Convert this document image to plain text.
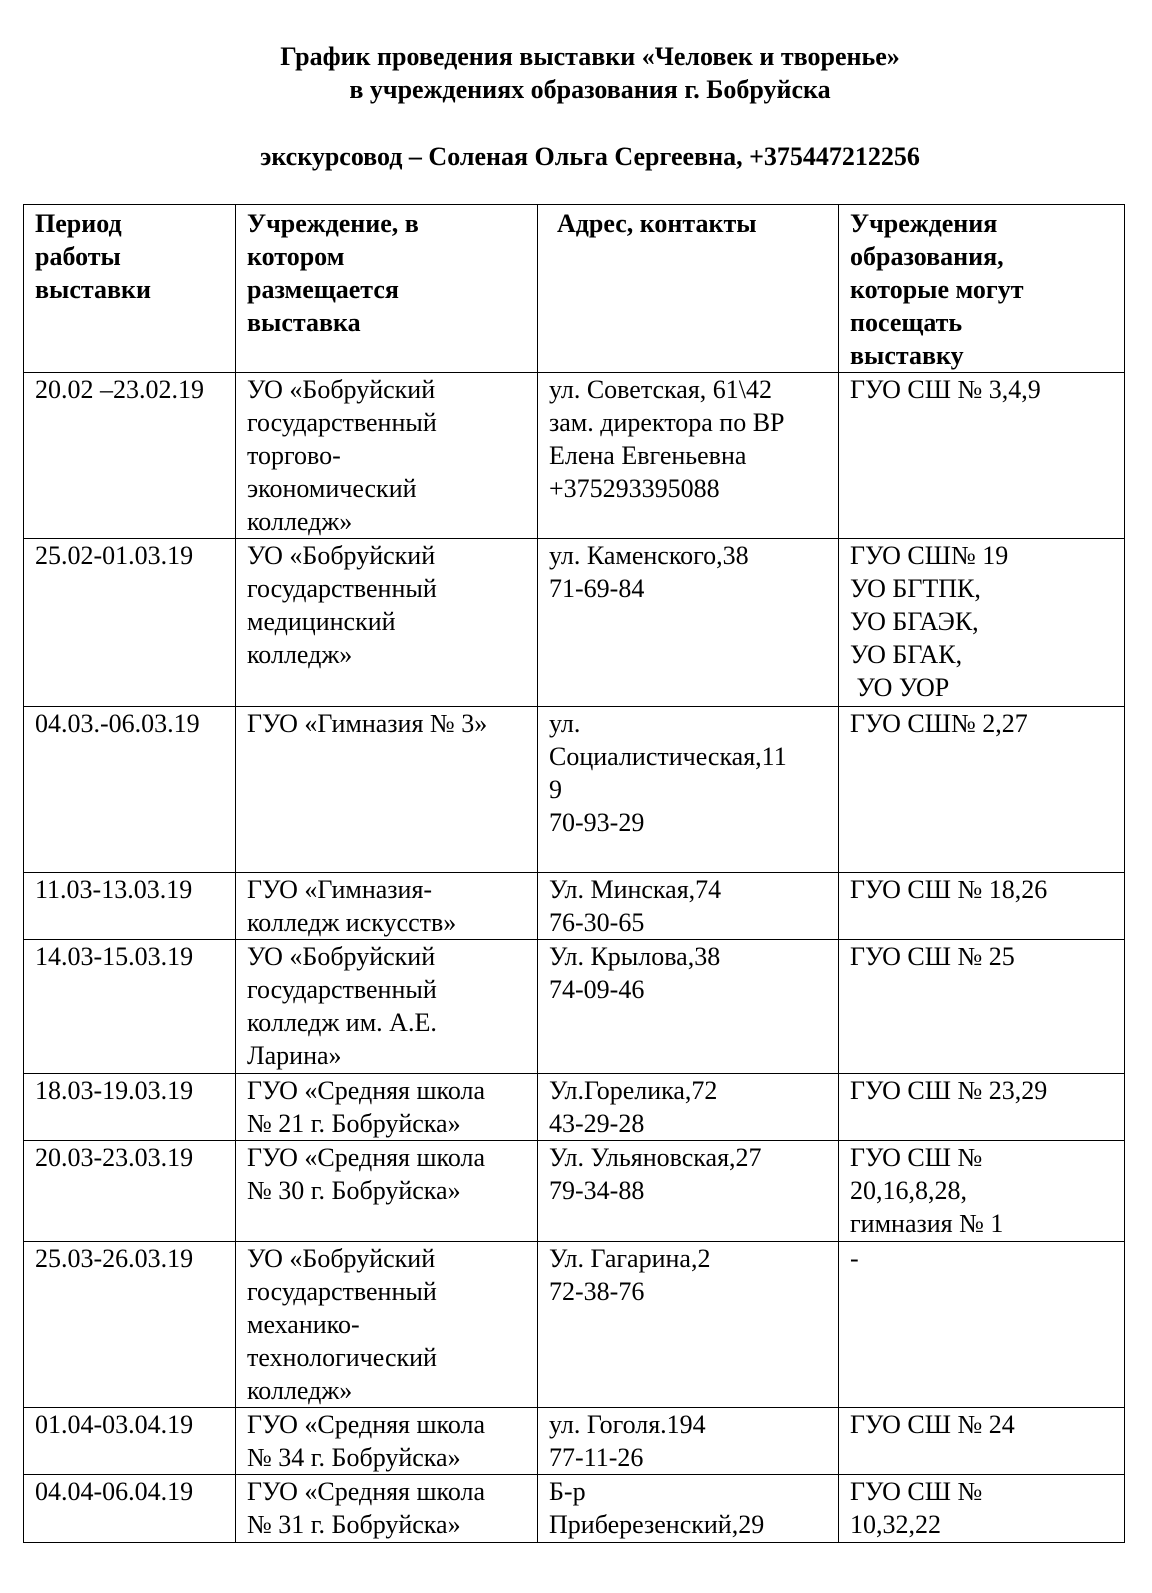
График проведения выставки «Человек и творенье»
в учреждениях образования г. Бобруйска
экскурсовод – Соленая Ольга Сергеевна, +375447212256
Период
работы
выставки	Учреждение, в
котором
размещается
выставка	Адрес, контакты	Учреждения
образования,
которые могут
посещать
выставку

20.02 –23.02.19	УО «Бобруйский
государственный
торгово-
экономический
колледж»	ул. Советская, 61\42
зам. директора по ВР
Елена Евгеньевна
+375293395088	ГУО СШ № 3,4,9

25.02-01.03.19	УО «Бобруйский
государственный
медицинский
колледж»	ул. Каменского,38
71-69-84	ГУО СШ№ 19
УО БГТПК,
УО БГАЭК,
УО БГАК,
УО УОР

04.03.-06.03.19	ГУО «Гимназия № 3»	ул.
Социалистическая,11
9
70-93-29	ГУО СШ№ 2,27

11.03-13.03.19	ГУО «Гимназия-
колледж искусств»	Ул. Минская,74
76-30-65	ГУО СШ № 18,26

14.03-15.03.19	УО «Бобруйский
государственный
колледж им. А.Е.
Ларина»	Ул. Крылова,38
74-09-46	ГУО СШ № 25

18.03-19.03.19	ГУО «Средняя школа
№ 21 г. Бобруйска»	Ул.Горелика,72
43-29-28	ГУО СШ № 23,29

20.03-23.03.19	ГУО «Средняя школа
№ 30 г. Бобруйска»	Ул. Ульяновская,27
79-34-88	ГУО СШ №
20,16,8,28,
гимназия № 1

25.03-26.03.19	УО «Бобруйский
государственный
механико-
технологический
колледж»	Ул. Гагарина,2
72-38-76	-

01.04-03.04.19	ГУО «Средняя школа
№ 34 г. Бобруйска»	ул. Гоголя.194
77-11-26	ГУО СШ № 24

04.04-06.04.19	ГУО «Средняя школа
№ 31 г. Бобруйска»	Б-р
Приберезенский,29	ГУО СШ №
10,32,22
